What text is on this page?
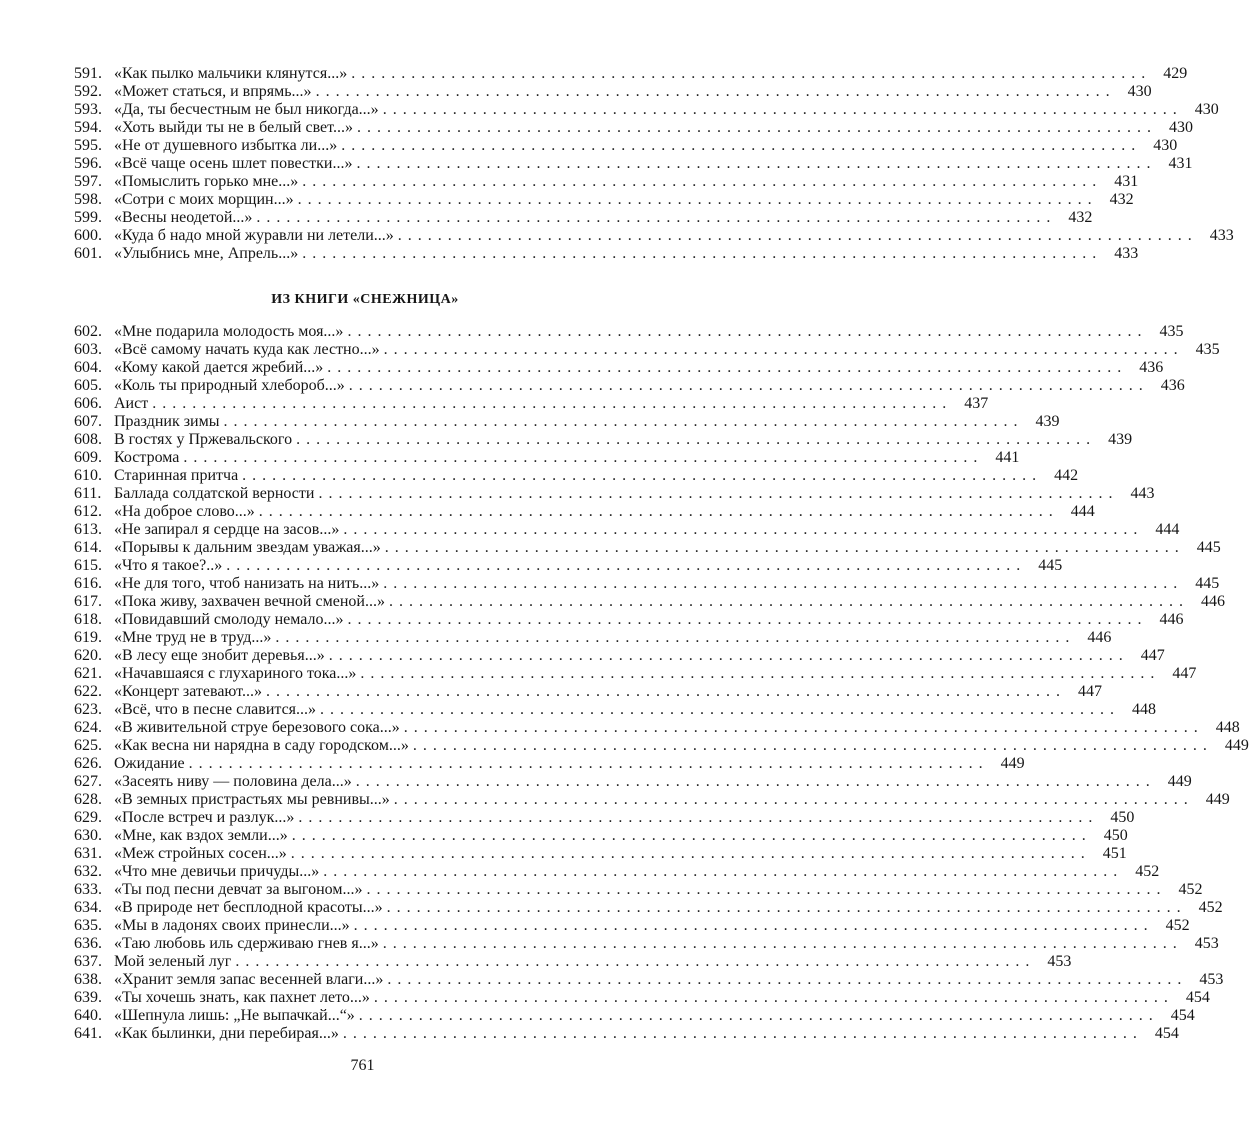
591. «Как пылко мальчики клянутся...» ................................................................................ 429
592. «Может статься, и впрямь...» ................................................................................ 430
593. «Да, ты бесчестным не был никогда...» ................................................................................ 430
594. «Хоть выйди ты не в белый свет...» ................................................................................ 430
595. «Не от душевного избытка ли...» ................................................................................ 430
596. «Всё чаще осень шлет повестки...» ................................................................................ 431
597. «Помыслить горько мне...» ................................................................................ 431
598. «Сотри с моих морщин...» ................................................................................ 432
599. «Весны неодетой...» ................................................................................ 432
600. «Куда б надо мной журавли ни летели...» ................................................................................ 433
601. «Улыбнись мне, Апрель...» ................................................................................ 433
ИЗ КНИГИ «СНЕЖНИЦА»
602. «Мне подарила молодость моя...» ................................................................................ 435
603. «Всё самому начать куда как лестно...» ................................................................................ 435
604. «Кому какой дается жребий...» ................................................................................ 436
605. «Коль ты природный хлебороб...» ................................................................................ 436
606. Аист ................................................................................ 437
607. Праздник зимы ................................................................................ 439
608. В гостях у Пржевальского ................................................................................ 439
609. Кострома ................................................................................ 441
610. Старинная притча ................................................................................ 442
611. Баллада солдатской верности ................................................................................ 443
612. «На доброе слово...» ................................................................................ 444
613. «Не запирал я сердце на засов...» ................................................................................ 444
614. «Порывы к дальним звездам уважая...» ................................................................................ 445
615. «Что я такое?..» ................................................................................ 445
616. «Не для того, чтоб нанизать на нить...» ................................................................................ 445
617. «Пока живу, захвачен вечной сменой...» ................................................................................ 446
618. «Повидавший смолоду немало...» ................................................................................ 446
619. «Мне труд не в труд...» ................................................................................ 446
620. «В лесу еще знобит деревья...» ................................................................................ 447
621. «Начавшаяся с глухариного тока...» ................................................................................ 447
622. «Концерт затевают...» ................................................................................ 447
623. «Всё, что в песне славится...» ................................................................................ 448
624. «В живительной струе березового сока...» ................................................................................ 448
625. «Как весна ни нарядна в саду городском...» ................................................................................ 449
626. Ожидание ................................................................................ 449
627. «Засеять ниву — половина дела...» ................................................................................ 449
628. «В земных пристрастьях мы ревнивы...» ................................................................................ 449
629. «После встреч и разлук...» ................................................................................ 450
630. «Мне, как вздох земли...» ................................................................................ 450
631. «Меж стройных сосен...» ................................................................................ 451
632. «Что мне девичьи причуды...» ................................................................................ 452
633. «Ты под песни девчат за выгоном...» ................................................................................ 452
634. «В природе нет бесплодной красоты...» ................................................................................ 452
635. «Мы в ладонях своих принесли...» ................................................................................ 452
636. «Таю любовь иль сдерживаю гнев я...» ................................................................................ 453
637. Мой зеленый луг ................................................................................ 453
638. «Хранит земля запас весенней влаги...» ................................................................................ 453
639. «Ты хочешь знать, как пахнет лето...» ................................................................................ 454
640. «Шепнула лишь: „Не выпачкай...“» ................................................................................ 454
641. «Как былинки, дни перебирая...» ................................................................................ 454
761
